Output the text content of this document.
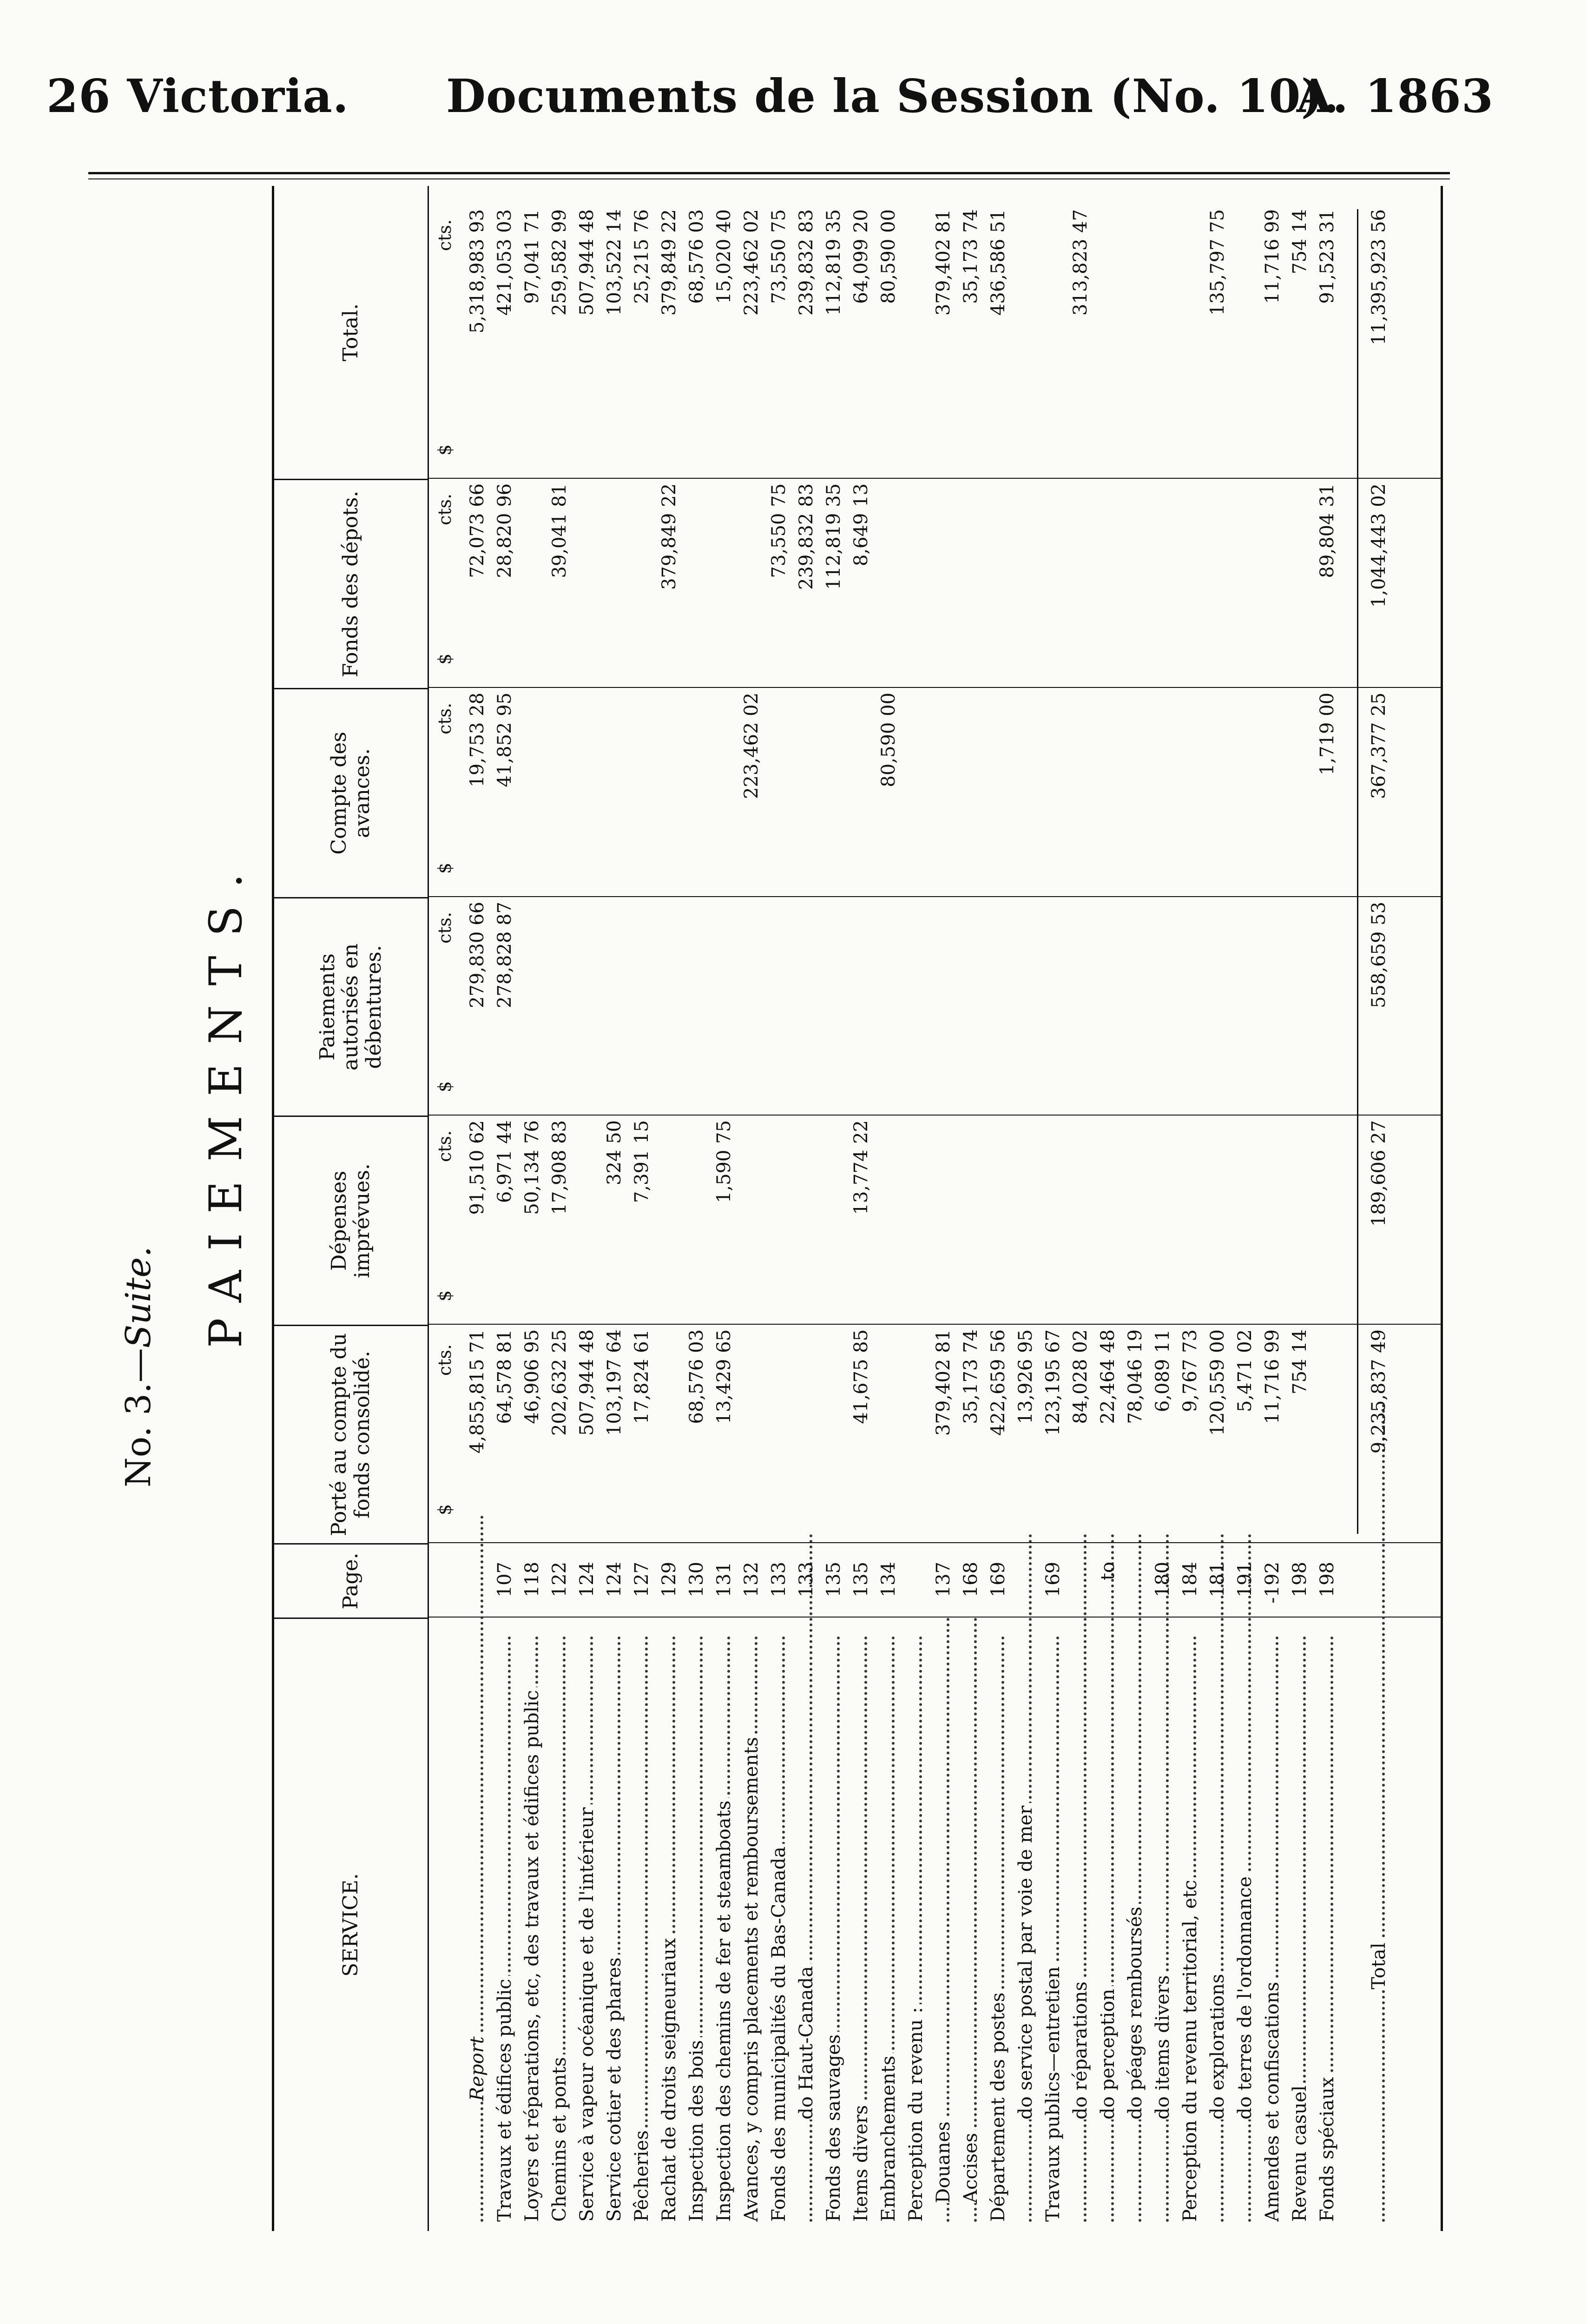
26 Victoria. Documents de la Session (No. 10).
A. 1863
No. 3.—Suite. PAIEMENTS.
SERVICE.
Page.
Porté au compte du fonds consolidé.
Dépenses imprévues.
Paiements autorisés en débentures.
Compte des avances.
Fonds des dépots.
Total.
$
cts.
$
cts.
$
cts.
$
cts.
$
cts.
$
cts.
Report
4,855,815 71
91,510 62
279,830 66
19,753 28
72,073 66
5,318,983 93
Travaux et édifices public
107
64,578 81
6,971 44
278,828 87
41,852 95
28,820 96
421,053 03
Loyers et réparations, etc, des travaux et édifices public
118
46,906 95
50,134 76
97,041 71
Chemins et ponts
122
202,632 25
17,908 83
39,041 81
259,582 99
Service à vapeur océanique et de l'intérieur
124
507,944 48
507,944 48
Service cotier et des phares
124
103,197 64
324 50
103,522 14
Pêcheries
127
17,824 61
7,391 15
25,215 76
Rachat de droits seigneuriaux
129
379,849 22
379,849 22
Inspection des bois
130
68,576 03
68,576 03
Inspection des chemins de fer et steamboats
131
13,429 65
1,590 75
15,020 40
Avances, y compris placements et remboursements
132
223,462 02
223,462 02
Fonds des municipalités du Bas-Canada
133
73,550 75
73,550 75
do Haut-Canada
133
239,832 83
239,832 83
Fonds des sauvages
135
112,819 35
112,819 35
Items divers
135
41,675 85
13,774 22
8,649 13
64,099 20
Embranchements
134
80,590 00
80,590 00
Perception du revenu : Douanes
137
379,402 81
379,402 81
Accises
168
35,173 74
35,173 74
Département des postes
169
422,659 56
436,586 51
do service postal par voie de mer
13,926 95
Travaux publics—entretien
169
123,195 67
do réparations
84,028 02
313,823 47
do perception
to
22,464 48
do péages remboursés
78,046 19
do items divers
180
6,089 11
Perception du revenu territorial, etc
184
9,767 73
do explorations
181
120,559 00
135,797 75
do terres de l'ordonnance
191
5,471 02
Amendes et confiscations
-192
11,716 99
11,716 99
Revenu casuel
198
754 14
754 14
Fonds spéciaux
198
1,719 00
89,804 31
91,523 31
Total
9,235,837 49
189,606 27
558,659 53
367,377 25
1,044,443 02
11,395,923 56
